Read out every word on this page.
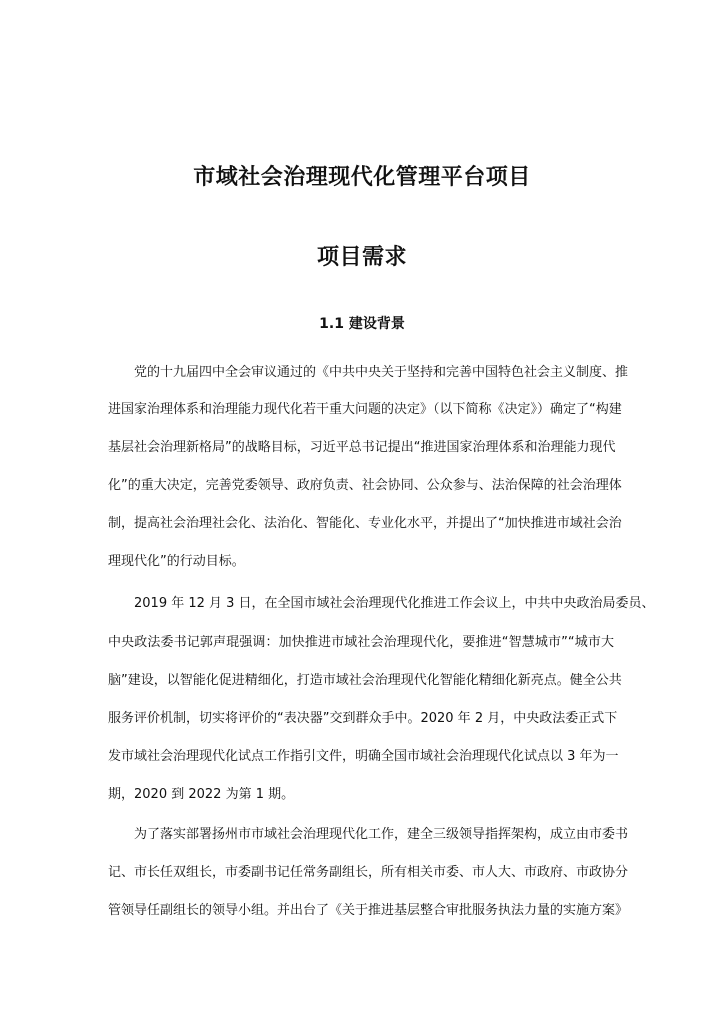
市域社会治理现代化管理平台项目
项目需求
1.1 建设背景
党的十九届四中全会审议通过的《中共中央关于坚持和完善中国特色社会主义制度、推
进国家治理体系和治理能力现代化若干重大问题的决定》（以下简称《决定》）确定了“构建
基层社会治理新格局”的战略目标，习近平总书记提出“推进国家治理体系和治理能力现代
化”的重大决定，完善党委领导、政府负责、社会协同、公众参与、法治保障的社会治理体
制，提高社会治理社会化、法治化、智能化、专业化水平，并提出了“加快推进市域社会治
理现代化”的行动目标。
2019 年 12 月 3 日，在全国市域社会治理现代化推进工作会议上，中共中央政治局委员、
中央政法委书记郭声琨强调：加快推进市域社会治理现代化，要推进“智慧城市”“城市大
脑”建设，以智能化促进精细化，打造市域社会治理现代化智能化精细化新亮点。健全公共
服务评价机制，切实将评价的“表决器”交到群众手中。2020 年 2 月，中央政法委正式下
发市域社会治理现代化试点工作指引文件，明确全国市域社会治理现代化试点以 3 年为一
期，2020 到 2022 为第 1 期。
为了落实部署扬州市市域社会治理现代化工作，建全三级领导指挥架构，成立由市委书
记、市长任双组长，市委副书记任常务副组长，所有相关市委、市人大、市政府、市政协分
管领导任副组长的领导小组。并出台了《关于推进基层整合审批服务执法力量的实施方案》
